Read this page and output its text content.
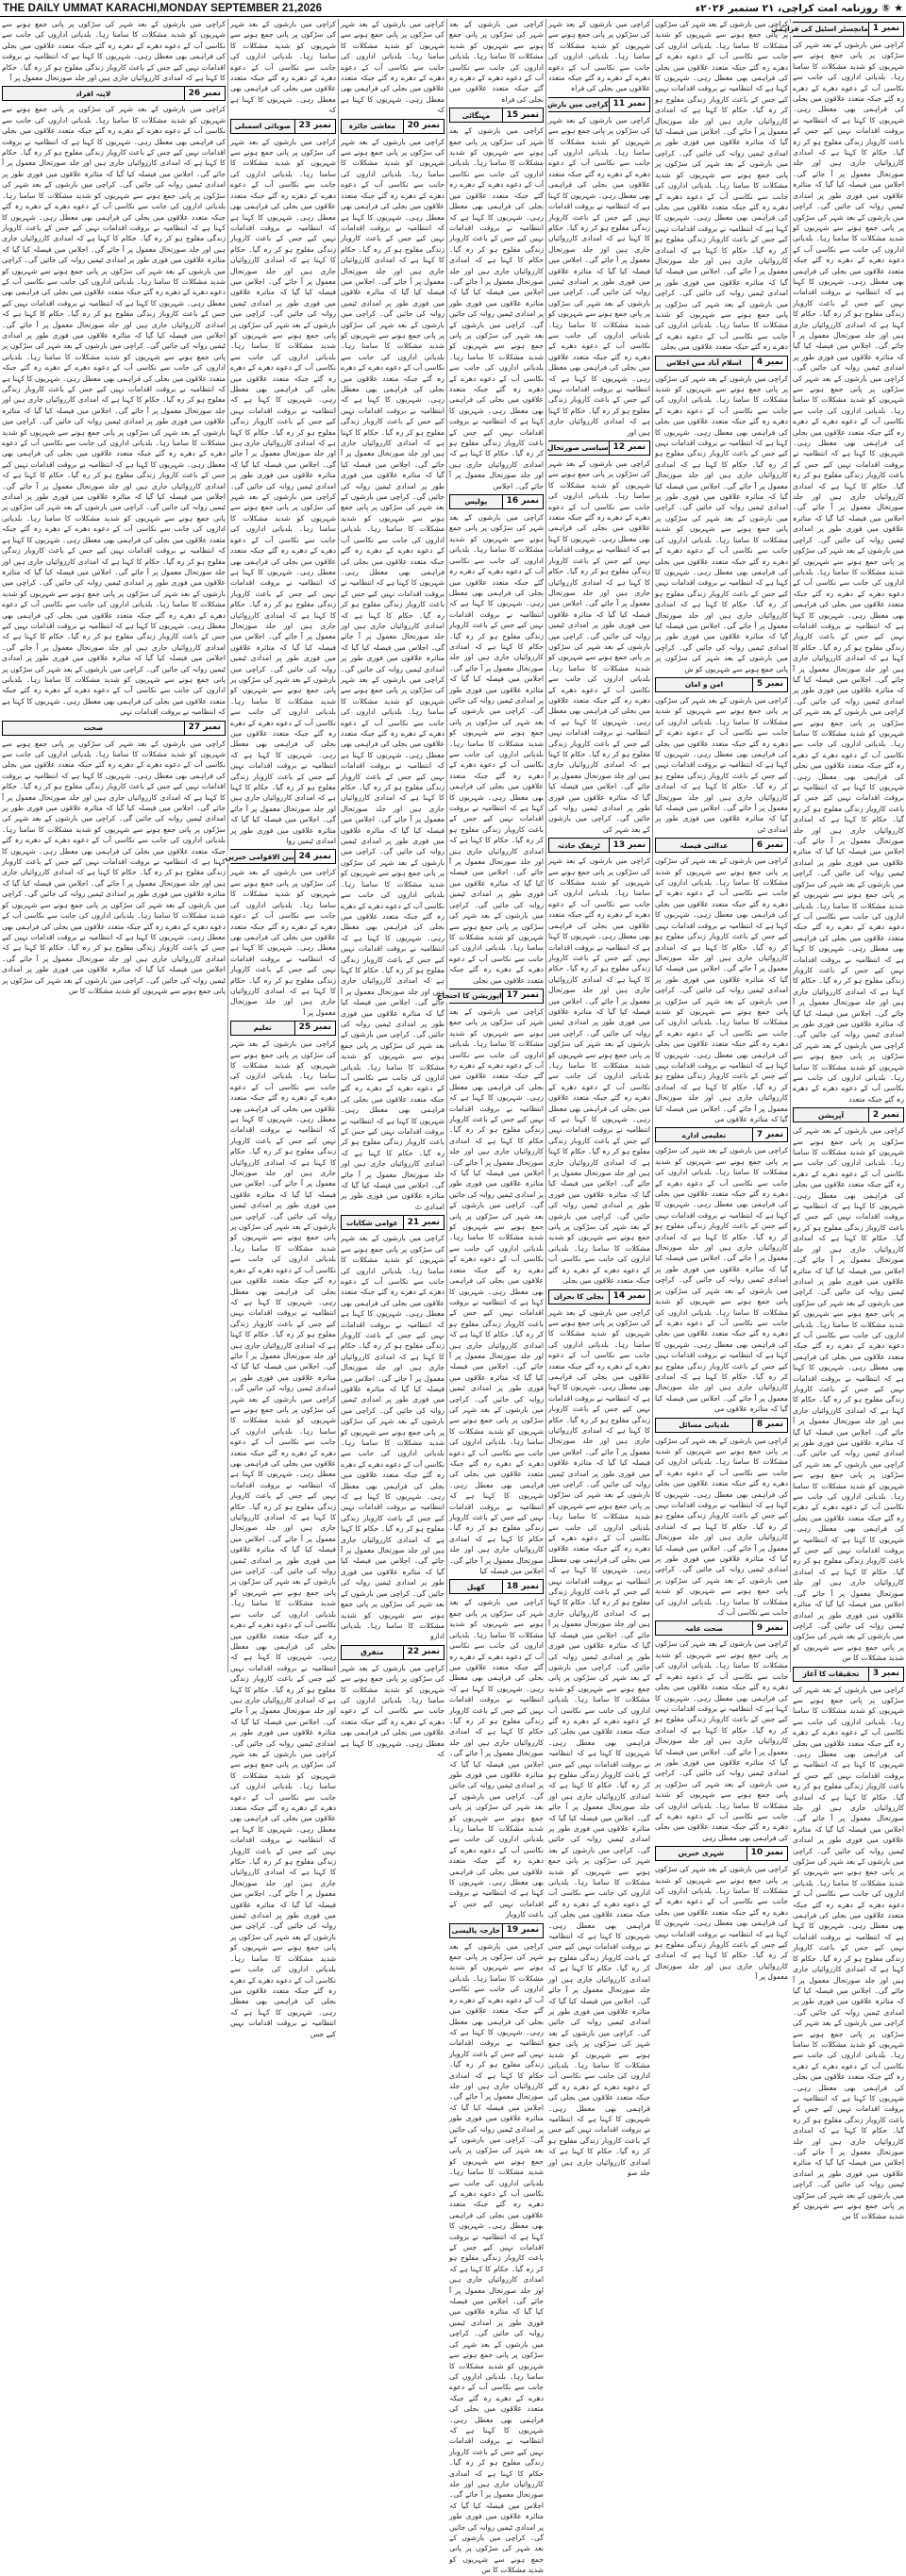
THE DAILY UMMAT KARACHI,MONDAY SEPTEMBER 21,2026	★
⑤
روزنامہ امت کراچی، ۲۱ ستمبر ۲۰۲۶ء
نمبر 1
مانچسٹر اسٹیل کی فراہمی
کراچی میں بارشوں کے بعد شہر کی سڑکوں پر پانی جمع ہونے سے شہریوں کو شدید مشکلات کا سامنا رہا۔ بلدیاتی اداروں کی جانب سے نکاسی آب کے دعوے دھرے کے دھرے رہ گئے جبکہ متعدد علاقوں میں بجلی کی فراہمی بھی معطل رہی۔ شہریوں کا کہنا ہے کہ انتظامیہ نے بروقت اقدامات نہیں کیے جس کے باعث کاروبار زندگی مفلوج ہو کر رہ گیا۔ حکام کا کہنا ہے کہ امدادی کارروائیاں جاری ہیں اور جلد صورتحال معمول پر آ جائے گی۔ اجلاس میں فیصلہ کیا گیا کہ متاثرہ علاقوں میں فوری طور پر امدادی ٹیمیں روانہ کی جائیں گی۔ کراچی میں بارشوں کے بعد شہر کی سڑکوں پر پانی جمع ہونے سے شہریوں کو شدید مشکلات کا سامنا رہا۔ بلدیاتی اداروں کی جانب سے نکاسی آب کے دعوے دھرے کے دھرے رہ گئے جبکہ متعدد علاقوں میں بجلی کی فراہمی بھی معطل رہی۔ شہریوں کا کہنا ہے کہ انتظامیہ نے بروقت اقدامات نہیں کیے جس کے باعث کاروبار زندگی مفلوج ہو کر رہ گیا۔ حکام کا کہنا ہے کہ امدادی کارروائیاں جاری ہیں اور جلد صورتحال معمول پر آ جائے گی۔ اجلاس میں فیصلہ کیا گیا کہ متاثرہ علاقوں میں فوری طور پر امدادی ٹیمیں روانہ کی جائیں گی۔ کراچی میں بارشوں کے بعد شہر کی سڑکوں پر پانی جمع ہونے سے شہریوں کو شدید مشکلات کا سامنا رہا۔ بلدیاتی اداروں کی جانب سے نکاسی آب کے دعوے دھرے کے دھرے رہ گئے جبکہ متعدد علاقوں میں بجلی کی فراہمی بھی معطل رہی۔ شہریوں کا کہنا ہے کہ انتظامیہ نے بروقت اقدامات نہیں کیے جس کے باعث کاروبار زندگی مفلوج ہو کر رہ گیا۔ حکام کا کہنا ہے کہ امدادی کارروائیاں جاری ہیں اور جلد صورتحال معمول پر آ جائے گی۔ اجلاس میں فیصلہ کیا گیا کہ متاثرہ علاقوں میں فوری طور پر امدادی ٹیمیں روانہ کی جائیں گی۔ کراچی میں بارشوں کے بعد شہر کی سڑکوں پر پانی جمع ہونے سے شہریوں کو شدید مشکلات کا سامنا رہا۔ بلدیاتی اداروں کی جانب سے نکاسی آب کے دعوے دھرے کے دھرے رہ گئے جبکہ متعدد علاقوں میں بجلی کی فراہمی بھی معطل رہی۔ شہریوں کا کہنا ہے کہ انتظامیہ نے بروقت اقدامات نہیں کیے جس کے باعث کاروبار زندگی مفلوج ہو کر رہ گیا۔ حکام کا کہنا ہے کہ امدادی کارروائیاں جاری ہیں اور جلد صورتحال معمول پر آ جائے گی۔ اجلاس میں فیصلہ کیا گیا کہ متاثرہ علاقوں میں فوری طور پر امدادی ٹیمیں روانہ کی جائیں گی۔ کراچی میں بارشوں کے بعد شہر کی سڑکوں پر پانی جمع ہونے سے شہریوں کو شدید مشکلات کا سامنا رہا۔ بلدیاتی اداروں کی جانب سے نکاسی آب کے دعوے دھرے کے دھرے رہ گئے جبکہ متعدد علاقوں میں بجلی کی فراہمی بھی معطل رہی۔ شہریوں کا کہنا ہے کہ انتظامیہ نے بروقت اقدامات نہیں کیے جس کے باعث کاروبار زندگی مفلوج ہو کر رہ گیا۔ حکام کا کہنا ہے کہ امدادی کارروائیاں جاری ہیں اور جلد صورتحال معمول پر آ جائے گی۔ اجلاس میں فیصلہ کیا گیا کہ متاثرہ علاقوں میں فوری طور پر امدادی ٹیمیں روانہ کی جائیں گی۔ کراچی میں بارشوں کے بعد شہر کی سڑکوں پر پانی جمع ہونے سے شہریوں کو شدید مشکلات کا سامنا رہا۔ بلدیاتی اداروں کی جانب سے نکاسی آب کے دعوے دھرے کے دھرے رہ گئے جبکہ متعدد علاقوں میں بجلی کی فراہمی بھی معطل رہی۔ شہریوں کا کہنا ہے کہ انتظامیہ نے بروقت اقدامات نہیں کیے جس کے باعث کاروبار زندگی مفلوج ہو کر رہ گیا۔ حکام کا کہنا ہے کہ امدادی کارروائیاں جاری ہیں اور جلد صورتحال معمول پر آ جائے گی۔ اجلاس میں فیصلہ کیا گیا کہ متاثرہ علاقوں میں فوری طور پر امدادی ٹیمیں روانہ کی جائیں گی۔ کراچی میں بارشوں کے بعد شہر کی سڑکوں پر پانی جمع ہونے سے شہریوں کو شدید مشکلات کا سامنا رہا۔ بلدیاتی اداروں کی جانب سے نکاسی آب کے دعوے دھرے کے دھرے رہ گئے جبکہ متعدد
نمبر 2
آپریشن
کراچی میں بارشوں کے بعد شہر کی سڑکوں پر پانی جمع ہونے سے شہریوں کو شدید مشکلات کا سامنا رہا۔ بلدیاتی اداروں کی جانب سے نکاسی آب کے دعوے دھرے کے دھرے رہ گئے جبکہ متعدد علاقوں میں بجلی کی فراہمی بھی معطل رہی۔ شہریوں کا کہنا ہے کہ انتظامیہ نے بروقت اقدامات نہیں کیے جس کے باعث کاروبار زندگی مفلوج ہو کر رہ گیا۔ حکام کا کہنا ہے کہ امدادی کارروائیاں جاری ہیں اور جلد صورتحال معمول پر آ جائے گی۔ اجلاس میں فیصلہ کیا گیا کہ متاثرہ علاقوں میں فوری طور پر امدادی ٹیمیں روانہ کی جائیں گی۔ کراچی میں بارشوں کے بعد شہر کی سڑکوں پر پانی جمع ہونے سے شہریوں کو شدید مشکلات کا سامنا رہا۔ بلدیاتی اداروں کی جانب سے نکاسی آب کے دعوے دھرے کے دھرے رہ گئے جبکہ متعدد علاقوں میں بجلی کی فراہمی بھی معطل رہی۔ شہریوں کا کہنا ہے کہ انتظامیہ نے بروقت اقدامات نہیں کیے جس کے باعث کاروبار زندگی مفلوج ہو کر رہ گیا۔ حکام کا کہنا ہے کہ امدادی کارروائیاں جاری ہیں اور جلد صورتحال معمول پر آ جائے گی۔ اجلاس میں فیصلہ کیا گیا کہ متاثرہ علاقوں میں فوری طور پر امدادی ٹیمیں روانہ کی جائیں گی۔ کراچی میں بارشوں کے بعد شہر کی سڑکوں پر پانی جمع ہونے سے شہریوں کو شدید مشکلات کا سامنا رہا۔ بلدیاتی اداروں کی جانب سے نکاسی آب کے دعوے دھرے کے دھرے رہ گئے جبکہ متعدد علاقوں میں بجلی کی فراہمی بھی معطل رہی۔ شہریوں کا کہنا ہے کہ انتظامیہ نے بروقت اقدامات نہیں کیے جس کے باعث کاروبار زندگی مفلوج ہو کر رہ گیا۔ حکام کا کہنا ہے کہ امدادی کارروائیاں جاری ہیں اور جلد صورتحال معمول پر آ جائے گی۔ اجلاس میں فیصلہ کیا گیا کہ متاثرہ علاقوں میں فوری طور پر امدادی ٹیمیں روانہ کی جائیں گی۔ کراچی میں بارشوں کے بعد شہر کی سڑکوں پر پانی جمع ہونے سے شہریوں کو شدید مشکلات کا س
نمبر 3
تحقیقات کا آغاز
کراچی میں بارشوں کے بعد شہر کی سڑکوں پر پانی جمع ہونے سے شہریوں کو شدید مشکلات کا سامنا رہا۔ بلدیاتی اداروں کی جانب سے نکاسی آب کے دعوے دھرے کے دھرے رہ گئے جبکہ متعدد علاقوں میں بجلی کی فراہمی بھی معطل رہی۔ شہریوں کا کہنا ہے کہ انتظامیہ نے بروقت اقدامات نہیں کیے جس کے باعث کاروبار زندگی مفلوج ہو کر رہ گیا۔ حکام کا کہنا ہے کہ امدادی کارروائیاں جاری ہیں اور جلد صورتحال معمول پر آ جائے گی۔ اجلاس میں فیصلہ کیا گیا کہ متاثرہ علاقوں میں فوری طور پر امدادی ٹیمیں روانہ کی جائیں گی۔ کراچی میں بارشوں کے بعد شہر کی سڑکوں پر پانی جمع ہونے سے شہریوں کو شدید مشکلات کا سامنا رہا۔ بلدیاتی اداروں کی جانب سے نکاسی آب کے دعوے دھرے کے دھرے رہ گئے جبکہ متعدد علاقوں میں بجلی کی فراہمی بھی معطل رہی۔ شہریوں کا کہنا ہے کہ انتظامیہ نے بروقت اقدامات نہیں کیے جس کے باعث کاروبار زندگی مفلوج ہو کر رہ گیا۔ حکام کا کہنا ہے کہ امدادی کارروائیاں جاری ہیں اور جلد صورتحال معمول پر آ جائے گی۔ اجلاس میں فیصلہ کیا گیا کہ متاثرہ علاقوں میں فوری طور پر امدادی ٹیمیں روانہ کی جائیں گی۔ کراچی میں بارشوں کے بعد شہر کی سڑکوں پر پانی جمع ہونے سے شہریوں کو شدید مشکلات کا سامنا رہا۔ بلدیاتی اداروں کی جانب سے نکاسی آب کے دعوے دھرے کے دھرے رہ گئے جبکہ متعدد علاقوں میں بجلی کی فراہمی بھی معطل رہی۔ شہریوں کا کہنا ہے کہ انتظامیہ نے بروقت اقدامات نہیں کیے جس کے باعث کاروبار زندگی مفلوج ہو کر رہ گیا۔ حکام کا کہنا ہے کہ امدادی کارروائیاں جاری ہیں اور جلد صورتحال معمول پر آ جائے گی۔ اجلاس میں فیصلہ کیا گیا کہ متاثرہ علاقوں میں فوری طور پر امدادی ٹیمیں روانہ کی جائیں گی۔ کراچی میں بارشوں کے بعد شہر کی سڑکوں پر پانی جمع ہونے سے شہریوں کو شدید مشکلات کا س
کراچی میں بارشوں کے بعد شہر کی سڑکوں پر پانی جمع ہونے سے شہریوں کو شدید مشکلات کا سامنا رہا۔ بلدیاتی اداروں کی جانب سے نکاسی آب کے دعوے دھرے کے دھرے رہ گئے جبکہ متعدد علاقوں میں بجلی کی فراہمی بھی معطل رہی۔ شہریوں کا کہنا ہے کہ انتظامیہ نے بروقت اقدامات نہیں کیے جس کے باعث کاروبار زندگی مفلوج ہو کر رہ گیا۔ حکام کا کہنا ہے کہ امدادی کارروائیاں جاری ہیں اور جلد صورتحال معمول پر آ جائے گی۔ اجلاس میں فیصلہ کیا گیا کہ متاثرہ علاقوں میں فوری طور پر امدادی ٹیمیں روانہ کی جائیں گی۔ کراچی میں بارشوں کے بعد شہر کی سڑکوں پر پانی جمع ہونے سے شہریوں کو شدید مشکلات کا سامنا رہا۔ بلدیاتی اداروں کی جانب سے نکاسی آب کے دعوے دھرے کے دھرے رہ گئے جبکہ متعدد علاقوں میں بجلی کی فراہمی بھی معطل رہی۔ شہریوں کا کہنا ہے کہ انتظامیہ نے بروقت اقدامات نہیں کیے جس کے باعث کاروبار زندگی مفلوج ہو کر رہ گیا۔ حکام کا کہنا ہے کہ امدادی کارروائیاں جاری ہیں اور جلد صورتحال معمول پر آ جائے گی۔ اجلاس میں فیصلہ کیا گیا کہ متاثرہ علاقوں میں فوری طور پر امدادی ٹیمیں روانہ کی جائیں گی۔ کراچی میں بارشوں کے بعد شہر کی سڑکوں پر پانی جمع ہونے سے شہریوں کو شدید مشکلات کا سامنا رہا۔ بلدیاتی اداروں کی جانب سے نکاسی آب کے دعوے دھرے کے دھرے رہ گئے جبکہ متعدد علاقوں میں بجلی
نمبر 4
اسلام آباد میں اجلاس
کراچی میں بارشوں کے بعد شہر کی سڑکوں پر پانی جمع ہونے سے شہریوں کو شدید مشکلات کا سامنا رہا۔ بلدیاتی اداروں کی جانب سے نکاسی آب کے دعوے دھرے کے دھرے رہ گئے جبکہ متعدد علاقوں میں بجلی کی فراہمی بھی معطل رہی۔ شہریوں کا کہنا ہے کہ انتظامیہ نے بروقت اقدامات نہیں کیے جس کے باعث کاروبار زندگی مفلوج ہو کر رہ گیا۔ حکام کا کہنا ہے کہ امدادی کارروائیاں جاری ہیں اور جلد صورتحال معمول پر آ جائے گی۔ اجلاس میں فیصلہ کیا گیا کہ متاثرہ علاقوں میں فوری طور پر امدادی ٹیمیں روانہ کی جائیں گی۔ کراچی میں بارشوں کے بعد شہر کی سڑکوں پر پانی جمع ہونے سے شہریوں کو شدید مشکلات کا سامنا رہا۔ بلدیاتی اداروں کی جانب سے نکاسی آب کے دعوے دھرے کے دھرے رہ گئے جبکہ متعدد علاقوں میں بجلی کی فراہمی بھی معطل رہی۔ شہریوں کا کہنا ہے کہ انتظامیہ نے بروقت اقدامات نہیں کیے جس کے باعث کاروبار زندگی مفلوج ہو کر رہ گیا۔ حکام کا کہنا ہے کہ امدادی کارروائیاں جاری ہیں اور جلد صورتحال معمول پر آ جائے گی۔ اجلاس میں فیصلہ کیا گیا کہ متاثرہ علاقوں میں فوری طور پر امدادی ٹیمیں روانہ کی جائیں گی۔ کراچی میں بارشوں کے بعد شہر کی سڑکوں پر پانی جمع ہونے سے شہریوں کو ش
نمبر 5
امن و امان
کراچی میں بارشوں کے بعد شہر کی سڑکوں پر پانی جمع ہونے سے شہریوں کو شدید مشکلات کا سامنا رہا۔ بلدیاتی اداروں کی جانب سے نکاسی آب کے دعوے دھرے کے دھرے رہ گئے جبکہ متعدد علاقوں میں بجلی کی فراہمی بھی معطل رہی۔ شہریوں کا کہنا ہے کہ انتظامیہ نے بروقت اقدامات نہیں کیے جس کے باعث کاروبار زندگی مفلوج ہو کر رہ گیا۔ حکام کا کہنا ہے کہ امدادی کارروائیاں جاری ہیں اور جلد صورتحال معمول پر آ جائے گی۔ اجلاس میں فیصلہ کیا گیا کہ متاثرہ علاقوں میں فوری طور پر امدادی ٹی
نمبر 6
عدالتی فیصلہ
کراچی میں بارشوں کے بعد شہر کی سڑکوں پر پانی جمع ہونے سے شہریوں کو شدید مشکلات کا سامنا رہا۔ بلدیاتی اداروں کی جانب سے نکاسی آب کے دعوے دھرے کے دھرے رہ گئے جبکہ متعدد علاقوں میں بجلی کی فراہمی بھی معطل رہی۔ شہریوں کا کہنا ہے کہ انتظامیہ نے بروقت اقدامات نہیں کیے جس کے باعث کاروبار زندگی مفلوج ہو کر رہ گیا۔ حکام کا کہنا ہے کہ امدادی کارروائیاں جاری ہیں اور جلد صورتحال معمول پر آ جائے گی۔ اجلاس میں فیصلہ کیا گیا کہ متاثرہ علاقوں میں فوری طور پر امدادی ٹیمیں روانہ کی جائیں گی۔ کراچی میں بارشوں کے بعد شہر کی سڑکوں پر پانی جمع ہونے سے شہریوں کو شدید مشکلات کا سامنا رہا۔ بلدیاتی اداروں کی جانب سے نکاسی آب کے دعوے دھرے کے دھرے رہ گئے جبکہ متعدد علاقوں میں بجلی کی فراہمی بھی معطل رہی۔ شہریوں کا کہنا ہے کہ انتظامیہ نے بروقت اقدامات نہیں کیے جس کے باعث کاروبار زندگی مفلوج ہو کر رہ گیا۔ حکام کا کہنا ہے کہ امدادی کارروائیاں جاری ہیں اور جلد صورتحال معمول پر آ جائے گی۔ اجلاس میں فیصلہ کیا گیا کہ متاثرہ علاقوں می
نمبر 7
تعلیمی ادارے
کراچی میں بارشوں کے بعد شہر کی سڑکوں پر پانی جمع ہونے سے شہریوں کو شدید مشکلات کا سامنا رہا۔ بلدیاتی اداروں کی جانب سے نکاسی آب کے دعوے دھرے کے دھرے رہ گئے جبکہ متعدد علاقوں میں بجلی کی فراہمی بھی معطل رہی۔ شہریوں کا کہنا ہے کہ انتظامیہ نے بروقت اقدامات نہیں کیے جس کے باعث کاروبار زندگی مفلوج ہو کر رہ گیا۔ حکام کا کہنا ہے کہ امدادی کارروائیاں جاری ہیں اور جلد صورتحال معمول پر آ جائے گی۔ اجلاس میں فیصلہ کیا گیا کہ متاثرہ علاقوں میں فوری طور پر امدادی ٹیمیں روانہ کی جائیں گی۔ کراچی میں بارشوں کے بعد شہر کی سڑکوں پر پانی جمع ہونے سے شہریوں کو شدید مشکلات کا سامنا رہا۔ بلدیاتی اداروں کی جانب سے نکاسی آب کے دعوے دھرے کے دھرے رہ گئے جبکہ متعدد علاقوں میں بجلی کی فراہمی بھی معطل رہی۔ شہریوں کا کہنا ہے کہ انتظامیہ نے بروقت اقدامات نہیں کیے جس کے باعث کاروبار زندگی مفلوج ہو کر رہ گیا۔ حکام کا کہنا ہے کہ امدادی کارروائیاں جاری ہیں اور جلد صورتحال معمول پر آ جائے گی۔ اجلاس میں فیصلہ کیا گیا کہ متاثرہ علاقوں می
نمبر 8
بلدیاتی مسائل
کراچی میں بارشوں کے بعد شہر کی سڑکوں پر پانی جمع ہونے سے شہریوں کو شدید مشکلات کا سامنا رہا۔ بلدیاتی اداروں کی جانب سے نکاسی آب کے دعوے دھرے کے دھرے رہ گئے جبکہ متعدد علاقوں میں بجلی کی فراہمی بھی معطل رہی۔ شہریوں کا کہنا ہے کہ انتظامیہ نے بروقت اقدامات نہیں کیے جس کے باعث کاروبار زندگی مفلوج ہو کر رہ گیا۔ حکام کا کہنا ہے کہ امدادی کارروائیاں جاری ہیں اور جلد صورتحال معمول پر آ جائے گی۔ اجلاس میں فیصلہ کیا گیا کہ متاثرہ علاقوں میں فوری طور پر امدادی ٹیمیں روانہ کی جائیں گی۔ کراچی میں بارشوں کے بعد شہر کی سڑکوں پر پانی جمع ہونے سے شہریوں کو شدید مشکلات کا سامنا رہا۔ بلدیاتی اداروں کی جانب سے نکاسی آب ک
نمبر 9
صحت عامہ
کراچی میں بارشوں کے بعد شہر کی سڑکوں پر پانی جمع ہونے سے شہریوں کو شدید مشکلات کا سامنا رہا۔ بلدیاتی اداروں کی جانب سے نکاسی آب کے دعوے دھرے کے دھرے رہ گئے جبکہ متعدد علاقوں میں بجلی کی فراہمی بھی معطل رہی۔ شہریوں کا کہنا ہے کہ انتظامیہ نے بروقت اقدامات نہیں کیے جس کے باعث کاروبار زندگی مفلوج ہو کر رہ گیا۔ حکام کا کہنا ہے کہ امدادی کارروائیاں جاری ہیں اور جلد صورتحال معمول پر آ جائے گی۔ اجلاس میں فیصلہ کیا گیا کہ متاثرہ علاقوں میں فوری طور پر امدادی ٹیمیں روانہ کی جائیں گی۔ کراچی میں بارشوں کے بعد شہر کی سڑکوں پر پانی جمع ہونے سے شہریوں کو شدید مشکلات کا سامنا رہا۔ بلدیاتی اداروں کی جانب سے نکاسی آب کے دعوے دھرے کے دھرے رہ گئے جبکہ متعدد علاقوں میں بجلی کی فراہمی بھی معطل رہی
نمبر 10
شہری خبریں
کراچی میں بارشوں کے بعد شہر کی سڑکوں پر پانی جمع ہونے سے شہریوں کو شدید مشکلات کا سامنا رہا۔ بلدیاتی اداروں کی جانب سے نکاسی آب کے دعوے دھرے کے دھرے رہ گئے جبکہ متعدد علاقوں میں بجلی کی فراہمی بھی معطل رہی۔ شہریوں کا کہنا ہے کہ انتظامیہ نے بروقت اقدامات نہیں کیے جس کے باعث کاروبار زندگی مفلوج ہو کر رہ گیا۔ حکام کا کہنا ہے کہ امدادی کارروائیاں جاری ہیں اور جلد صورتحال معمول پر آ
کراچی میں بارشوں کے بعد شہر کی سڑکوں پر پانی جمع ہونے سے شہریوں کو شدید مشکلات کا سامنا رہا۔ بلدیاتی اداروں کی جانب سے نکاسی آب کے دعوے دھرے کے دھرے رہ گئے جبکہ متعدد علاقوں میں بجلی کی فراہ
نمبر 11
کراچی میں بارش
کراچی میں بارشوں کے بعد شہر کی سڑکوں پر پانی جمع ہونے سے شہریوں کو شدید مشکلات کا سامنا رہا۔ بلدیاتی اداروں کی جانب سے نکاسی آب کے دعوے دھرے کے دھرے رہ گئے جبکہ متعدد علاقوں میں بجلی کی فراہمی بھی معطل رہی۔ شہریوں کا کہنا ہے کہ انتظامیہ نے بروقت اقدامات نہیں کیے جس کے باعث کاروبار زندگی مفلوج ہو کر رہ گیا۔ حکام کا کہنا ہے کہ امدادی کارروائیاں جاری ہیں اور جلد صورتحال معمول پر آ جائے گی۔ اجلاس میں فیصلہ کیا گیا کہ متاثرہ علاقوں میں فوری طور پر امدادی ٹیمیں روانہ کی جائیں گی۔ کراچی میں بارشوں کے بعد شہر کی سڑکوں پر پانی جمع ہونے سے شہریوں کو شدید مشکلات کا سامنا رہا۔ بلدیاتی اداروں کی جانب سے نکاسی آب کے دعوے دھرے کے دھرے رہ گئے جبکہ متعدد علاقوں میں بجلی کی فراہمی بھی معطل رہی۔ شہریوں کا کہنا ہے کہ انتظامیہ نے بروقت اقدامات نہیں کیے جس کے باعث کاروبار زندگی مفلوج ہو کر رہ گیا۔ حکام کا کہنا ہے کہ امدادی کارروائیاں جاری ہیں اور
نمبر 12
سیاسی صورتحال
کراچی میں بارشوں کے بعد شہر کی سڑکوں پر پانی جمع ہونے سے شہریوں کو شدید مشکلات کا سامنا رہا۔ بلدیاتی اداروں کی جانب سے نکاسی آب کے دعوے دھرے کے دھرے رہ گئے جبکہ متعدد علاقوں میں بجلی کی فراہمی بھی معطل رہی۔ شہریوں کا کہنا ہے کہ انتظامیہ نے بروقت اقدامات نہیں کیے جس کے باعث کاروبار زندگی مفلوج ہو کر رہ گیا۔ حکام کا کہنا ہے کہ امدادی کارروائیاں جاری ہیں اور جلد صورتحال معمول پر آ جائے گی۔ اجلاس میں فیصلہ کیا گیا کہ متاثرہ علاقوں میں فوری طور پر امدادی ٹیمیں روانہ کی جائیں گی۔ کراچی میں بارشوں کے بعد شہر کی سڑکوں پر پانی جمع ہونے سے شہریوں کو شدید مشکلات کا سامنا رہا۔ بلدیاتی اداروں کی جانب سے نکاسی آب کے دعوے دھرے کے دھرے رہ گئے جبکہ متعدد علاقوں میں بجلی کی فراہمی بھی معطل رہی۔ شہریوں کا کہنا ہے کہ انتظامیہ نے بروقت اقدامات نہیں کیے جس کے باعث کاروبار زندگی مفلوج ہو کر رہ گیا۔ حکام کا کہنا ہے کہ امدادی کارروائیاں جاری ہیں اور جلد صورتحال معمول پر آ جائے گی۔ اجلاس میں فیصلہ کیا گیا کہ متاثرہ علاقوں میں فوری طور پر امدادی ٹیمیں روانہ کی جائیں گی۔ کراچی میں بارشوں کے بعد شہر کی
نمبر 13
ٹریفک حادثہ
کراچی میں بارشوں کے بعد شہر کی سڑکوں پر پانی جمع ہونے سے شہریوں کو شدید مشکلات کا سامنا رہا۔ بلدیاتی اداروں کی جانب سے نکاسی آب کے دعوے دھرے کے دھرے رہ گئے جبکہ متعدد علاقوں میں بجلی کی فراہمی بھی معطل رہی۔ شہریوں کا کہنا ہے کہ انتظامیہ نے بروقت اقدامات نہیں کیے جس کے باعث کاروبار زندگی مفلوج ہو کر رہ گیا۔ حکام کا کہنا ہے کہ امدادی کارروائیاں جاری ہیں اور جلد صورتحال معمول پر آ جائے گی۔ اجلاس میں فیصلہ کیا گیا کہ متاثرہ علاقوں میں فوری طور پر امدادی ٹیمیں روانہ کی جائیں گی۔ کراچی میں بارشوں کے بعد شہر کی سڑکوں پر پانی جمع ہونے سے شہریوں کو شدید مشکلات کا سامنا رہا۔ بلدیاتی اداروں کی جانب سے نکاسی آب کے دعوے دھرے کے دھرے رہ گئے جبکہ متعدد علاقوں میں بجلی کی فراہمی بھی معطل رہی۔ شہریوں کا کہنا ہے کہ انتظامیہ نے بروقت اقدامات نہیں کیے جس کے باعث کاروبار زندگی مفلوج ہو کر رہ گیا۔ حکام کا کہنا ہے کہ امدادی کارروائیاں جاری ہیں اور جلد صورتحال معمول پر آ جائے گی۔ اجلاس میں فیصلہ کیا گیا کہ متاثرہ علاقوں میں فوری طور پر امدادی ٹیمیں روانہ کی جائیں گی۔ کراچی میں بارشوں کے بعد شہر کی سڑکوں پر پانی جمع ہونے سے شہریوں کو شدید مشکلات کا سامنا رہا۔ بلدیاتی اداروں کی جانب سے نکاسی آب کے دعوے دھرے کے دھرے رہ گئے جبکہ متعدد علاقوں میں بجلی
نمبر 14
بجلی کا بحران
کراچی میں بارشوں کے بعد شہر کی سڑکوں پر پانی جمع ہونے سے شہریوں کو شدید مشکلات کا سامنا رہا۔ بلدیاتی اداروں کی جانب سے نکاسی آب کے دعوے دھرے کے دھرے رہ گئے جبکہ متعدد علاقوں میں بجلی کی فراہمی بھی معطل رہی۔ شہریوں کا کہنا ہے کہ انتظامیہ نے بروقت اقدامات نہیں کیے جس کے باعث کاروبار زندگی مفلوج ہو کر رہ گیا۔ حکام کا کہنا ہے کہ امدادی کارروائیاں جاری ہیں اور جلد صورتحال معمول پر آ جائے گی۔ اجلاس میں فیصلہ کیا گیا کہ متاثرہ علاقوں میں فوری طور پر امدادی ٹیمیں روانہ کی جائیں گی۔ کراچی میں بارشوں کے بعد شہر کی سڑکوں پر پانی جمع ہونے سے شہریوں کو شدید مشکلات کا سامنا رہا۔ بلدیاتی اداروں کی جانب سے نکاسی آب کے دعوے دھرے کے دھرے رہ گئے جبکہ متعدد علاقوں میں بجلی کی فراہمی بھی معطل رہی۔ شہریوں کا کہنا ہے کہ انتظامیہ نے بروقت اقدامات نہیں کیے جس کے باعث کاروبار زندگی مفلوج ہو کر رہ گیا۔ حکام کا کہنا ہے کہ امدادی کارروائیاں جاری ہیں اور جلد صورتحال معمول پر آ جائے گی۔ اجلاس میں فیصلہ کیا گیا کہ متاثرہ علاقوں میں فوری طور پر امدادی ٹیمیں روانہ کی جائیں گی۔ کراچی میں بارشوں کے بعد شہر کی سڑکوں پر پانی جمع ہونے سے شہریوں کو شدید مشکلات کا سامنا رہا۔ بلدیاتی اداروں کی جانب سے نکاسی آب کے دعوے دھرے کے دھرے رہ گئے جبکہ متعدد علاقوں میں بجلی کی فراہمی بھی معطل رہی۔ شہریوں کا کہنا ہے کہ انتظامیہ نے بروقت اقدامات نہیں کیے جس کے باعث کاروبار زندگی مفلوج ہو کر رہ گیا۔ حکام کا کہنا ہے کہ امدادی کارروائیاں جاری ہیں اور جلد صورتحال معمول پر آ جائے گی۔ اجلاس میں فیصلہ کیا گیا کہ متاثرہ علاقوں میں فوری طور پر امدادی ٹیمیں روانہ کی جائیں گی۔ کراچی میں بارشوں کے بعد شہر کی سڑکوں پر پانی جمع ہونے سے شہریوں کو شدید مشکلات کا سامنا رہا۔ بلدیاتی اداروں کی جانب سے نکاسی آب کے دعوے دھرے کے دھرے رہ گئے جبکہ متعدد علاقوں میں بجلی کی فراہمی بھی معطل رہی۔ شہریوں کا کہنا ہے کہ انتظامیہ نے بروقت اقدامات نہیں کیے جس کے باعث کاروبار زندگی مفلوج ہو کر رہ گیا۔ حکام کا کہنا ہے کہ امدادی کارروائیاں جاری ہیں اور جلد صورتحال معمول پر آ جائے گی۔ اجلاس میں فیصلہ کیا گیا کہ متاثرہ علاقوں میں فوری طور پر امدادی ٹیمیں روانہ کی جائیں گی۔ کراچی میں بارشوں کے بعد شہر کی سڑکوں پر پانی جمع ہونے سے شہریوں کو شدید مشکلات کا سامنا رہا۔ بلدیاتی اداروں کی جانب سے نکاسی آب کے دعوے دھرے کے دھرے رہ گئے جبکہ متعدد علاقوں میں بجلی کی فراہمی بھی معطل رہی۔ شہریوں کا کہنا ہے کہ انتظامیہ نے بروقت اقدامات نہیں کیے جس کے باعث کاروبار زندگی مفلوج ہو کر رہ گیا۔ حکام کا کہنا ہے کہ امدادی کارروائیاں جاری ہیں اور جلد صو
کراچی میں بارشوں کے بعد شہر کی سڑکوں پر پانی جمع ہونے سے شہریوں کو شدید مشکلات کا سامنا رہا۔ بلدیاتی اداروں کی جانب سے نکاسی آب کے دعوے دھرے کے دھرے رہ گئے جبکہ متعدد علاقوں میں بجلی کی فراہ
نمبر 15
مہنگائی
کراچی میں بارشوں کے بعد شہر کی سڑکوں پر پانی جمع ہونے سے شہریوں کو شدید مشکلات کا سامنا رہا۔ بلدیاتی اداروں کی جانب سے نکاسی آب کے دعوے دھرے کے دھرے رہ گئے جبکہ متعدد علاقوں میں بجلی کی فراہمی بھی معطل رہی۔ شہریوں کا کہنا ہے کہ انتظامیہ نے بروقت اقدامات نہیں کیے جس کے باعث کاروبار زندگی مفلوج ہو کر رہ گیا۔ حکام کا کہنا ہے کہ امدادی کارروائیاں جاری ہیں اور جلد صورتحال معمول پر آ جائے گی۔ اجلاس میں فیصلہ کیا گیا کہ متاثرہ علاقوں میں فوری طور پر امدادی ٹیمیں روانہ کی جائیں گی۔ کراچی میں بارشوں کے بعد شہر کی سڑکوں پر پانی جمع ہونے سے شہریوں کو شدید مشکلات کا سامنا رہا۔ بلدیاتی اداروں کی جانب سے نکاسی آب کے دعوے دھرے کے دھرے رہ گئے جبکہ متعدد علاقوں میں بجلی کی فراہمی بھی معطل رہی۔ شہریوں کا کہنا ہے کہ انتظامیہ نے بروقت اقدامات نہیں کیے جس کے باعث کاروبار زندگی مفلوج ہو کر رہ گیا۔ حکام کا کہنا ہے کہ امدادی کارروائیاں جاری ہیں اور جلد صورتحال معمول پر آ جائے گی۔ اجلاس
نمبر 16
پولیس
کراچی میں بارشوں کے بعد شہر کی سڑکوں پر پانی جمع ہونے سے شہریوں کو شدید مشکلات کا سامنا رہا۔ بلدیاتی اداروں کی جانب سے نکاسی آب کے دعوے دھرے کے دھرے رہ گئے جبکہ متعدد علاقوں میں بجلی کی فراہمی بھی معطل رہی۔ شہریوں کا کہنا ہے کہ انتظامیہ نے بروقت اقدامات نہیں کیے جس کے باعث کاروبار زندگی مفلوج ہو کر رہ گیا۔ حکام کا کہنا ہے کہ امدادی کارروائیاں جاری ہیں اور جلد صورتحال معمول پر آ جائے گی۔ اجلاس میں فیصلہ کیا گیا کہ متاثرہ علاقوں میں فوری طور پر امدادی ٹیمیں روانہ کی جائیں گی۔ کراچی میں بارشوں کے بعد شہر کی سڑکوں پر پانی جمع ہونے سے شہریوں کو شدید مشکلات کا سامنا رہا۔ بلدیاتی اداروں کی جانب سے نکاسی آب کے دعوے دھرے کے دھرے رہ گئے جبکہ متعدد علاقوں میں بجلی کی فراہمی بھی معطل رہی۔ شہریوں کا کہنا ہے کہ انتظامیہ نے بروقت اقدامات نہیں کیے جس کے باعث کاروبار زندگی مفلوج ہو کر رہ گیا۔ حکام کا کہنا ہے کہ امدادی کارروائیاں جاری ہیں اور جلد صورتحال معمول پر آ جائے گی۔ اجلاس میں فیصلہ کیا گیا کہ متاثرہ علاقوں میں فوری طور پر امدادی ٹیمیں روانہ کی جائیں گی۔ کراچی میں بارشوں کے بعد شہر کی سڑکوں پر پانی جمع ہونے سے شہریوں کو شدید مشکلات کا سامنا رہا۔ بلدیاتی اداروں کی جانب سے نکاسی آب کے دعوے دھرے کے دھرے رہ گئے جبکہ متعدد علاقوں میں بجلی
نمبر 17
اپوزیشن کا احتجاج
کراچی میں بارشوں کے بعد شہر کی سڑکوں پر پانی جمع ہونے سے شہریوں کو شدید مشکلات کا سامنا رہا۔ بلدیاتی اداروں کی جانب سے نکاسی آب کے دعوے دھرے کے دھرے رہ گئے جبکہ متعدد علاقوں میں بجلی کی فراہمی بھی معطل رہی۔ شہریوں کا کہنا ہے کہ انتظامیہ نے بروقت اقدامات نہیں کیے جس کے باعث کاروبار زندگی مفلوج ہو کر رہ گیا۔ حکام کا کہنا ہے کہ امدادی کارروائیاں جاری ہیں اور جلد صورتحال معمول پر آ جائے گی۔ اجلاس میں فیصلہ کیا گیا کہ متاثرہ علاقوں میں فوری طور پر امدادی ٹیمیں روانہ کی جائیں گی۔ کراچی میں بارشوں کے بعد شہر کی سڑکوں پر پانی جمع ہونے سے شہریوں کو شدید مشکلات کا سامنا رہا۔ بلدیاتی اداروں کی جانب سے نکاسی آب کے دعوے دھرے کے دھرے رہ گئے جبکہ متعدد علاقوں میں بجلی کی فراہمی بھی معطل رہی۔ شہریوں کا کہنا ہے کہ انتظامیہ نے بروقت اقدامات نہیں کیے جس کے باعث کاروبار زندگی مفلوج ہو کر رہ گیا۔ حکام کا کہنا ہے کہ امدادی کارروائیاں جاری ہیں اور جلد صورتحال معمول پر آ جائے گی۔ اجلاس میں فیصلہ کیا گیا کہ متاثرہ علاقوں میں فوری طور پر امدادی ٹیمیں روانہ کی جائیں گی۔ کراچی میں بارشوں کے بعد شہر کی سڑکوں پر پانی جمع ہونے سے شہریوں کو شدید مشکلات کا سامنا رہا۔ بلدیاتی اداروں کی جانب سے نکاسی آب کے دعوے دھرے کے دھرے رہ گئے جبکہ متعدد علاقوں میں بجلی کی فراہمی بھی معطل رہی۔ شہریوں کا کہنا ہے کہ انتظامیہ نے بروقت اقدامات نہیں کیے جس کے باعث کاروبار زندگی مفلوج ہو کر رہ گیا۔ حکام کا کہنا ہے کہ امدادی کارروائیاں جاری ہیں اور جلد صورتحال معمول پر آ جائے گی۔ اجلاس میں فیصلہ کیا
نمبر 18
کھیل
کراچی میں بارشوں کے بعد شہر کی سڑکوں پر پانی جمع ہونے سے شہریوں کو شدید مشکلات کا سامنا رہا۔ بلدیاتی اداروں کی جانب سے نکاسی آب کے دعوے دھرے کے دھرے رہ گئے جبکہ متعدد علاقوں میں بجلی کی فراہمی بھی معطل رہی۔ شہریوں کا کہنا ہے کہ انتظامیہ نے بروقت اقدامات نہیں کیے جس کے باعث کاروبار زندگی مفلوج ہو کر رہ گیا۔ حکام کا کہنا ہے کہ امدادی کارروائیاں جاری ہیں اور جلد صورتحال معمول پر آ جائے گی۔ اجلاس میں فیصلہ کیا گیا کہ متاثرہ علاقوں میں فوری طور پر امدادی ٹیمیں روانہ کی جائیں گی۔ کراچی میں بارشوں کے بعد شہر کی سڑکوں پر پانی جمع ہونے سے شہریوں کو شدید مشکلات کا سامنا رہا۔ بلدیاتی اداروں کی جانب سے نکاسی آب کے دعوے دھرے کے دھرے رہ گئے جبکہ متعدد علاقوں میں بجلی کی فراہمی بھی معطل رہی۔ شہریوں کا کہنا ہے کہ انتظامیہ نے بروقت اقدامات نہیں کیے جس کے باعث کاروبار
نمبر 19
خارجہ پالیسی
کراچی میں بارشوں کے بعد شہر کی سڑکوں پر پانی جمع ہونے سے شہریوں کو شدید مشکلات کا سامنا رہا۔ بلدیاتی اداروں کی جانب سے نکاسی آب کے دعوے دھرے کے دھرے رہ گئے جبکہ متعدد علاقوں میں بجلی کی فراہمی بھی معطل رہی۔ شہریوں کا کہنا ہے کہ انتظامیہ نے بروقت اقدامات نہیں کیے جس کے باعث کاروبار زندگی مفلوج ہو کر رہ گیا۔ حکام کا کہنا ہے کہ امدادی کارروائیاں جاری ہیں اور جلد صورتحال معمول پر آ جائے گی۔ اجلاس میں فیصلہ کیا گیا کہ متاثرہ علاقوں میں فوری طور پر امدادی ٹیمیں روانہ کی جائیں گی۔ کراچی میں بارشوں کے بعد شہر کی سڑکوں پر پانی جمع ہونے سے شہریوں کو شدید مشکلات کا سامنا رہا۔ بلدیاتی اداروں کی جانب سے نکاسی آب کے دعوے دھرے کے دھرے رہ گئے جبکہ متعدد علاقوں میں بجلی کی فراہمی بھی معطل رہی۔ شہریوں کا کہنا ہے کہ انتظامیہ نے بروقت اقدامات نہیں کیے جس کے باعث کاروبار زندگی مفلوج ہو کر رہ گیا۔ حکام کا کہنا ہے کہ امدادی کارروائیاں جاری ہیں اور جلد صورتحال معمول پر آ جائے گی۔ اجلاس میں فیصلہ کیا گیا کہ متاثرہ علاقوں میں فوری طور پر امدادی ٹیمیں روانہ کی جائیں گی۔ کراچی میں بارشوں کے بعد شہر کی سڑکوں پر پانی جمع ہونے سے شہریوں کو شدید مشکلات کا سامنا رہا۔ بلدیاتی اداروں کی جانب سے نکاسی آب کے دعوے دھرے کے دھرے رہ گئے جبکہ متعدد علاقوں میں بجلی کی فراہمی بھی معطل رہی۔ شہریوں کا کہنا ہے کہ انتظامیہ نے بروقت اقدامات نہیں کیے جس کے باعث کاروبار زندگی مفلوج ہو کر رہ گیا۔ حکام کا کہنا ہے کہ امدادی کارروائیاں جاری ہیں اور جلد صورتحال معمول پر آ جائے گی۔ اجلاس میں فیصلہ کیا گیا کہ متاثرہ علاقوں میں فوری طور پر امدادی ٹیمیں روانہ کی جائیں گی۔ کراچی میں بارشوں کے بعد شہر کی سڑکوں پر پانی جمع ہونے سے شہریوں کو شدید مشکلات کا س
کراچی میں بارشوں کے بعد شہر کی سڑکوں پر پانی جمع ہونے سے شہریوں کو شدید مشکلات کا سامنا رہا۔ بلدیاتی اداروں کی جانب سے نکاسی آب کے دعوے دھرے کے دھرے رہ گئے جبکہ متعدد علاقوں میں بجلی کی فراہمی بھی معطل رہی۔ شہریوں کا کہنا ہے کہ
نمبر 20
معاشی جائزہ
کراچی میں بارشوں کے بعد شہر کی سڑکوں پر پانی جمع ہونے سے شہریوں کو شدید مشکلات کا سامنا رہا۔ بلدیاتی اداروں کی جانب سے نکاسی آب کے دعوے دھرے کے دھرے رہ گئے جبکہ متعدد علاقوں میں بجلی کی فراہمی بھی معطل رہی۔ شہریوں کا کہنا ہے کہ انتظامیہ نے بروقت اقدامات نہیں کیے جس کے باعث کاروبار زندگی مفلوج ہو کر رہ گیا۔ حکام کا کہنا ہے کہ امدادی کارروائیاں جاری ہیں اور جلد صورتحال معمول پر آ جائے گی۔ اجلاس میں فیصلہ کیا گیا کہ متاثرہ علاقوں میں فوری طور پر امدادی ٹیمیں روانہ کی جائیں گی۔ کراچی میں بارشوں کے بعد شہر کی سڑکوں پر پانی جمع ہونے سے شہریوں کو شدید مشکلات کا سامنا رہا۔ بلدیاتی اداروں کی جانب سے نکاسی آب کے دعوے دھرے کے دھرے رہ گئے جبکہ متعدد علاقوں میں بجلی کی فراہمی بھی معطل رہی۔ شہریوں کا کہنا ہے کہ انتظامیہ نے بروقت اقدامات نہیں کیے جس کے باعث کاروبار زندگی مفلوج ہو کر رہ گیا۔ حکام کا کہنا ہے کہ امدادی کارروائیاں جاری ہیں اور جلد صورتحال معمول پر آ جائے گی۔ اجلاس میں فیصلہ کیا گیا کہ متاثرہ علاقوں میں فوری طور پر امدادی ٹیمیں روانہ کی جائیں گی۔ کراچی میں بارشوں کے بعد شہر کی سڑکوں پر پانی جمع ہونے سے شہریوں کو شدید مشکلات کا سامنا رہا۔ بلدیاتی اداروں کی جانب سے نکاسی آب کے دعوے دھرے کے دھرے رہ گئے جبکہ متعدد علاقوں میں بجلی کی فراہمی بھی معطل رہی۔ شہریوں کا کہنا ہے کہ انتظامیہ نے بروقت اقدامات نہیں کیے جس کے باعث کاروبار زندگی مفلوج ہو کر رہ گیا۔ حکام کا کہنا ہے کہ امدادی کارروائیاں جاری ہیں اور جلد صورتحال معمول پر آ جائے گی۔ اجلاس میں فیصلہ کیا گیا کہ متاثرہ علاقوں میں فوری طور پر امدادی ٹیمیں روانہ کی جائیں گی۔ کراچی میں بارشوں کے بعد شہر کی سڑکوں پر پانی جمع ہونے سے شہریوں کو شدید مشکلات کا سامنا رہا۔ بلدیاتی اداروں کی جانب سے نکاسی آب کے دعوے دھرے کے دھرے رہ گئے جبکہ متعدد علاقوں میں بجلی کی فراہمی بھی معطل رہی۔ شہریوں کا کہنا ہے کہ انتظامیہ نے بروقت اقدامات نہیں کیے جس کے باعث کاروبار زندگی مفلوج ہو کر رہ گیا۔ حکام کا کہنا ہے کہ امدادی کارروائیاں جاری ہیں اور جلد صورتحال معمول پر آ جائے گی۔ اجلاس میں فیصلہ کیا گیا کہ متاثرہ علاقوں میں فوری طور پر امدادی ٹیمیں روانہ کی جائیں گی۔ کراچی میں بارشوں کے بعد شہر کی سڑکوں پر پانی جمع ہونے سے شہریوں کو شدید مشکلات کا سامنا رہا۔ بلدیاتی اداروں کی جانب سے نکاسی آب کے دعوے دھرے کے دھرے رہ گئے جبکہ متعدد علاقوں میں بجلی کی فراہمی بھی معطل رہی۔ شہریوں کا کہنا ہے کہ انتظامیہ نے بروقت اقدامات نہیں کیے جس کے باعث کاروبار زندگی مفلوج ہو کر رہ گیا۔ حکام کا کہنا ہے کہ امدادی کارروائیاں جاری ہیں اور جلد صورتحال معمول پر آ جائے گی۔ اجلاس میں فیصلہ کیا گیا کہ متاثرہ علاقوں میں فوری طور پر امدادی ٹیمیں روانہ کی جائیں گی۔ کراچی میں بارشوں کے بعد شہر کی سڑکوں پر پانی جمع ہونے سے شہریوں کو شدید مشکلات کا سامنا رہا۔ بلدیاتی اداروں کی جانب سے نکاسی آب کے دعوے دھرے کے دھرے رہ گئے جبکہ متعدد علاقوں میں بجلی کی فراہمی بھی معطل رہی۔ شہریوں کا کہنا ہے کہ انتظامیہ نے بروقت اقدامات نہیں کیے جس کے باعث کاروبار زندگی مفلوج ہو کر رہ گیا۔ حکام کا کہنا ہے کہ امدادی کارروائیاں جاری ہیں اور جلد صورتحال معمول پر آ جائے گی۔ اجلاس میں فیصلہ کیا گیا کہ متاثرہ علاقوں میں فوری طور پر امدادی ٹ
نمبر 21
عوامی شکایات
کراچی میں بارشوں کے بعد شہر کی سڑکوں پر پانی جمع ہونے سے شہریوں کو شدید مشکلات کا سامنا رہا۔ بلدیاتی اداروں کی جانب سے نکاسی آب کے دعوے دھرے کے دھرے رہ گئے جبکہ متعدد علاقوں میں بجلی کی فراہمی بھی معطل رہی۔ شہریوں کا کہنا ہے کہ انتظامیہ نے بروقت اقدامات نہیں کیے جس کے باعث کاروبار زندگی مفلوج ہو کر رہ گیا۔ حکام کا کہنا ہے کہ امدادی کارروائیاں جاری ہیں اور جلد صورتحال معمول پر آ جائے گی۔ اجلاس میں فیصلہ کیا گیا کہ متاثرہ علاقوں میں فوری طور پر امدادی ٹیمیں روانہ کی جائیں گی۔ کراچی میں بارشوں کے بعد شہر کی سڑکوں پر پانی جمع ہونے سے شہریوں کو شدید مشکلات کا سامنا رہا۔ بلدیاتی اداروں کی جانب سے نکاسی آب کے دعوے دھرے کے دھرے رہ گئے جبکہ متعدد علاقوں میں بجلی کی فراہمی بھی معطل رہی۔ شہریوں کا کہنا ہے کہ انتظامیہ نے بروقت اقدامات نہیں کیے جس کے باعث کاروبار زندگی مفلوج ہو کر رہ گیا۔ حکام کا کہنا ہے کہ امدادی کارروائیاں جاری ہیں اور جلد صورتحال معمول پر آ جائے گی۔ اجلاس میں فیصلہ کیا گیا کہ متاثرہ علاقوں میں فوری طور پر امدادی ٹیمیں روانہ کی جائیں گی۔ کراچی میں بارشوں کے بعد شہر کی سڑکوں پر پانی جمع ہونے سے شہریوں کو شدید مشکلات کا سامنا رہا۔ بلدیاتی ادارو
نمبر 22
متفرق
کراچی میں بارشوں کے بعد شہر کی سڑکوں پر پانی جمع ہونے سے شہریوں کو شدید مشکلات کا سامنا رہا۔ بلدیاتی اداروں کی جانب سے نکاسی آب کے دعوے دھرے کے دھرے رہ گئے جبکہ متعدد علاقوں میں بجلی کی فراہمی بھی معطل رہی۔ شہریوں کا کہنا ہے کہ
کراچی میں بارشوں کے بعد شہر کی سڑکوں پر پانی جمع ہونے سے شہریوں کو شدید مشکلات کا سامنا رہا۔ بلدیاتی اداروں کی جانب سے نکاسی آب کے دعوے دھرے کے دھرے رہ گئے جبکہ متعدد علاقوں میں بجلی کی فراہمی بھی معطل رہی۔ شہریوں کا کہنا ہے کہ
نمبر 23
صوبائی اسمبلی
کراچی میں بارشوں کے بعد شہر کی سڑکوں پر پانی جمع ہونے سے شہریوں کو شدید مشکلات کا سامنا رہا۔ بلدیاتی اداروں کی جانب سے نکاسی آب کے دعوے دھرے کے دھرے رہ گئے جبکہ متعدد علاقوں میں بجلی کی فراہمی بھی معطل رہی۔ شہریوں کا کہنا ہے کہ انتظامیہ نے بروقت اقدامات نہیں کیے جس کے باعث کاروبار زندگی مفلوج ہو کر رہ گیا۔ حکام کا کہنا ہے کہ امدادی کارروائیاں جاری ہیں اور جلد صورتحال معمول پر آ جائے گی۔ اجلاس میں فیصلہ کیا گیا کہ متاثرہ علاقوں میں فوری طور پر امدادی ٹیمیں روانہ کی جائیں گی۔ کراچی میں بارشوں کے بعد شہر کی سڑکوں پر پانی جمع ہونے سے شہریوں کو شدید مشکلات کا سامنا رہا۔ بلدیاتی اداروں کی جانب سے نکاسی آب کے دعوے دھرے کے دھرے رہ گئے جبکہ متعدد علاقوں میں بجلی کی فراہمی بھی معطل رہی۔ شہریوں کا کہنا ہے کہ انتظامیہ نے بروقت اقدامات نہیں کیے جس کے باعث کاروبار زندگی مفلوج ہو کر رہ گیا۔ حکام کا کہنا ہے کہ امدادی کارروائیاں جاری ہیں اور جلد صورتحال معمول پر آ جائے گی۔ اجلاس میں فیصلہ کیا گیا کہ متاثرہ علاقوں میں فوری طور پر امدادی ٹیمیں روانہ کی جائیں گی۔ کراچی میں بارشوں کے بعد شہر کی سڑکوں پر پانی جمع ہونے سے شہریوں کو شدید مشکلات کا سامنا رہا۔ بلدیاتی اداروں کی جانب سے نکاسی آب کے دعوے دھرے کے دھرے رہ گئے جبکہ متعدد علاقوں میں بجلی کی فراہمی بھی معطل رہی۔ شہریوں کا کہنا ہے کہ انتظامیہ نے بروقت اقدامات نہیں کیے جس کے باعث کاروبار زندگی مفلوج ہو کر رہ گیا۔ حکام کا کہنا ہے کہ امدادی کارروائیاں جاری ہیں اور جلد صورتحال معمول پر آ جائے گی۔ اجلاس میں فیصلہ کیا گیا کہ متاثرہ علاقوں میں فوری طور پر امدادی ٹیمیں روانہ کی جائیں گی۔ کراچی میں بارشوں کے بعد شہر کی سڑکوں پر پانی جمع ہونے سے شہریوں کو شدید مشکلات کا سامنا رہا۔ بلدیاتی اداروں کی جانب سے نکاسی آب کے دعوے دھرے کے دھرے رہ گئے جبکہ متعدد علاقوں میں بجلی کی فراہمی بھی معطل رہی۔ شہریوں کا کہنا ہے کہ انتظامیہ نے بروقت اقدامات نہیں کیے جس کے باعث کاروبار زندگی مفلوج ہو کر رہ گیا۔ حکام کا کہنا ہے کہ امدادی کارروائیاں جاری ہیں اور جلد صورتحال معمول پر آ جائے گی۔ اجلاس میں فیصلہ کیا گیا کہ متاثرہ علاقوں میں فوری طور پر امدادی ٹیمیں روا
نمبر 24
بین الاقوامی خبریں
کراچی میں بارشوں کے بعد شہر کی سڑکوں پر پانی جمع ہونے سے شہریوں کو شدید مشکلات کا سامنا رہا۔ بلدیاتی اداروں کی جانب سے نکاسی آب کے دعوے دھرے کے دھرے رہ گئے جبکہ متعدد علاقوں میں بجلی کی فراہمی بھی معطل رہی۔ شہریوں کا کہنا ہے کہ انتظامیہ نے بروقت اقدامات نہیں کیے جس کے باعث کاروبار زندگی مفلوج ہو کر رہ گیا۔ حکام کا کہنا ہے کہ امدادی کارروائیاں جاری ہیں اور جلد صورتحال معمول پر آ
نمبر 25
تعلیم
کراچی میں بارشوں کے بعد شہر کی سڑکوں پر پانی جمع ہونے سے شہریوں کو شدید مشکلات کا سامنا رہا۔ بلدیاتی اداروں کی جانب سے نکاسی آب کے دعوے دھرے کے دھرے رہ گئے جبکہ متعدد علاقوں میں بجلی کی فراہمی بھی معطل رہی۔ شہریوں کا کہنا ہے کہ انتظامیہ نے بروقت اقدامات نہیں کیے جس کے باعث کاروبار زندگی مفلوج ہو کر رہ گیا۔ حکام کا کہنا ہے کہ امدادی کارروائیاں جاری ہیں اور جلد صورتحال معمول پر آ جائے گی۔ اجلاس میں فیصلہ کیا گیا کہ متاثرہ علاقوں میں فوری طور پر امدادی ٹیمیں روانہ کی جائیں گی۔ کراچی میں بارشوں کے بعد شہر کی سڑکوں پر پانی جمع ہونے سے شہریوں کو شدید مشکلات کا سامنا رہا۔ بلدیاتی اداروں کی جانب سے نکاسی آب کے دعوے دھرے کے دھرے رہ گئے جبکہ متعدد علاقوں میں بجلی کی فراہمی بھی معطل رہی۔ شہریوں کا کہنا ہے کہ انتظامیہ نے بروقت اقدامات نہیں کیے جس کے باعث کاروبار زندگی مفلوج ہو کر رہ گیا۔ حکام کا کہنا ہے کہ امدادی کارروائیاں جاری ہیں اور جلد صورتحال معمول پر آ جائے گی۔ اجلاس میں فیصلہ کیا گیا کہ متاثرہ علاقوں میں فوری طور پر امدادی ٹیمیں روانہ کی جائیں گی۔ کراچی میں بارشوں کے بعد شہر کی سڑکوں پر پانی جمع ہونے سے شہریوں کو شدید مشکلات کا سامنا رہا۔ بلدیاتی اداروں کی جانب سے نکاسی آب کے دعوے دھرے کے دھرے رہ گئے جبکہ متعدد علاقوں میں بجلی کی فراہمی بھی معطل رہی۔ شہریوں کا کہنا ہے کہ انتظامیہ نے بروقت اقدامات نہیں کیے جس کے باعث کاروبار زندگی مفلوج ہو کر رہ گیا۔ حکام کا کہنا ہے کہ امدادی کارروائیاں جاری ہیں اور جلد صورتحال معمول پر آ جائے گی۔ اجلاس میں فیصلہ کیا گیا کہ متاثرہ علاقوں میں فوری طور پر امدادی ٹیمیں روانہ کی جائیں گی۔ کراچی میں بارشوں کے بعد شہر کی سڑکوں پر پانی جمع ہونے سے شہریوں کو شدید مشکلات کا سامنا رہا۔ بلدیاتی اداروں کی جانب سے نکاسی آب کے دعوے دھرے کے دھرے رہ گئے جبکہ متعدد علاقوں میں بجلی کی فراہمی بھی معطل رہی۔ شہریوں کا کہنا ہے کہ انتظامیہ نے بروقت اقدامات نہیں کیے جس کے باعث کاروبار زندگی مفلوج ہو کر رہ گیا۔ حکام کا کہنا ہے کہ امدادی کارروائیاں جاری ہیں اور جلد صورتحال معمول پر آ جائے گی۔ اجلاس میں فیصلہ کیا گیا کہ متاثرہ علاقوں میں فوری طور پر امدادی ٹیمیں روانہ کی جائیں گی۔ کراچی میں بارشوں کے بعد شہر کی سڑکوں پر پانی جمع ہونے سے شہریوں کو شدید مشکلات کا سامنا رہا۔ بلدیاتی اداروں کی جانب سے نکاسی آب کے دعوے دھرے کے دھرے رہ گئے جبکہ متعدد علاقوں میں بجلی کی فراہمی بھی معطل رہی۔ شہریوں کا کہنا ہے کہ انتظامیہ نے بروقت اقدامات نہیں کیے جس کے باعث کاروبار زندگی مفلوج ہو کر رہ گیا۔ حکام کا کہنا ہے کہ امدادی کارروائیاں جاری ہیں اور جلد صورتحال معمول پر آ جائے گی۔ اجلاس میں فیصلہ کیا گیا کہ متاثرہ علاقوں میں فوری طور پر امدادی ٹیمیں روانہ کی جائیں گی۔ کراچی میں بارشوں کے بعد شہر کی سڑکوں پر پانی جمع ہونے سے شہریوں کو شدید مشکلات کا سامنا رہا۔ بلدیاتی اداروں کی جانب سے نکاسی آب کے دعوے دھرے کے دھرے رہ گئے جبکہ متعدد علاقوں میں بجلی کی فراہمی بھی معطل رہی۔ شہریوں کا کہنا ہے کہ انتظامیہ نے بروقت اقدامات نہیں کیے جس
کراچی میں بارشوں کے بعد شہر کی سڑکوں پر پانی جمع ہونے سے شہریوں کو شدید مشکلات کا سامنا رہا۔ بلدیاتی اداروں کی جانب سے نکاسی آب کے دعوے دھرے کے دھرے رہ گئے جبکہ متعدد علاقوں میں بجلی کی فراہمی بھی معطل رہی۔ شہریوں کا کہنا ہے کہ انتظامیہ نے بروقت اقدامات نہیں کیے جس کے باعث کاروبار زندگی مفلوج ہو کر رہ گیا۔ حکام کا کہنا ہے کہ امدادی کارروائیاں جاری ہیں اور جلد صورتحال معمول پر آ
نمبر 26
لاپتہ افراد
کراچی میں بارشوں کے بعد شہر کی سڑکوں پر پانی جمع ہونے سے شہریوں کو شدید مشکلات کا سامنا رہا۔ بلدیاتی اداروں کی جانب سے نکاسی آب کے دعوے دھرے کے دھرے رہ گئے جبکہ متعدد علاقوں میں بجلی کی فراہمی بھی معطل رہی۔ شہریوں کا کہنا ہے کہ انتظامیہ نے بروقت اقدامات نہیں کیے جس کے باعث کاروبار زندگی مفلوج ہو کر رہ گیا۔ حکام کا کہنا ہے کہ امدادی کارروائیاں جاری ہیں اور جلد صورتحال معمول پر آ جائے گی۔ اجلاس میں فیصلہ کیا گیا کہ متاثرہ علاقوں میں فوری طور پر امدادی ٹیمیں روانہ کی جائیں گی۔ کراچی میں بارشوں کے بعد شہر کی سڑکوں پر پانی جمع ہونے سے شہریوں کو شدید مشکلات کا سامنا رہا۔ بلدیاتی اداروں کی جانب سے نکاسی آب کے دعوے دھرے کے دھرے رہ گئے جبکہ متعدد علاقوں میں بجلی کی فراہمی بھی معطل رہی۔ شہریوں کا کہنا ہے کہ انتظامیہ نے بروقت اقدامات نہیں کیے جس کے باعث کاروبار زندگی مفلوج ہو کر رہ گیا۔ حکام کا کہنا ہے کہ امدادی کارروائیاں جاری ہیں اور جلد صورتحال معمول پر آ جائے گی۔ اجلاس میں فیصلہ کیا گیا کہ متاثرہ علاقوں میں فوری طور پر امدادی ٹیمیں روانہ کی جائیں گی۔ کراچی میں بارشوں کے بعد شہر کی سڑکوں پر پانی جمع ہونے سے شہریوں کو شدید مشکلات کا سامنا رہا۔ بلدیاتی اداروں کی جانب سے نکاسی آب کے دعوے دھرے کے دھرے رہ گئے جبکہ متعدد علاقوں میں بجلی کی فراہمی بھی معطل رہی۔ شہریوں کا کہنا ہے کہ انتظامیہ نے بروقت اقدامات نہیں کیے جس کے باعث کاروبار زندگی مفلوج ہو کر رہ گیا۔ حکام کا کہنا ہے کہ امدادی کارروائیاں جاری ہیں اور جلد صورتحال معمول پر آ جائے گی۔ اجلاس میں فیصلہ کیا گیا کہ متاثرہ علاقوں میں فوری طور پر امدادی ٹیمیں روانہ کی جائیں گی۔ کراچی میں بارشوں کے بعد شہر کی سڑکوں پر پانی جمع ہونے سے شہریوں کو شدید مشکلات کا سامنا رہا۔ بلدیاتی اداروں کی جانب سے نکاسی آب کے دعوے دھرے کے دھرے رہ گئے جبکہ متعدد علاقوں میں بجلی کی فراہمی بھی معطل رہی۔ شہریوں کا کہنا ہے کہ انتظامیہ نے بروقت اقدامات نہیں کیے جس کے باعث کاروبار زندگی مفلوج ہو کر رہ گیا۔ حکام کا کہنا ہے کہ امدادی کارروائیاں جاری ہیں اور جلد صورتحال معمول پر آ جائے گی۔ اجلاس میں فیصلہ کیا گیا کہ متاثرہ علاقوں میں فوری طور پر امدادی ٹیمیں روانہ کی جائیں گی۔ کراچی میں بارشوں کے بعد شہر کی سڑکوں پر پانی جمع ہونے سے شہریوں کو شدید مشکلات کا سامنا رہا۔ بلدیاتی اداروں کی جانب سے نکاسی آب کے دعوے دھرے کے دھرے رہ گئے جبکہ متعدد علاقوں میں بجلی کی فراہمی بھی معطل رہی۔ شہریوں کا کہنا ہے کہ انتظامیہ نے بروقت اقدامات نہیں کیے جس کے باعث کاروبار زندگی مفلوج ہو کر رہ گیا۔ حکام کا کہنا ہے کہ امدادی کارروائیاں جاری ہیں اور جلد صورتحال معمول پر آ جائے گی۔ اجلاس میں فیصلہ کیا گیا کہ متاثرہ علاقوں میں فوری طور پر امدادی ٹیمیں روانہ کی جائیں گی۔ کراچی میں بارشوں کے بعد شہر کی سڑکوں پر پانی جمع ہونے سے شہریوں کو شدید مشکلات کا سامنا رہا۔ بلدیاتی اداروں کی جانب سے نکاسی آب کے دعوے دھرے کے دھرے رہ گئے جبکہ متعدد علاقوں میں بجلی کی فراہمی بھی معطل رہی۔ شہریوں کا کہنا ہے کہ انتظامیہ نے بروقت اقدامات نہیں کیے جس کے باعث کاروبار زندگی مفلوج ہو کر رہ گیا۔ حکام کا کہنا ہے کہ امدادی کارروائیاں جاری ہیں اور جلد صورتحال معمول پر آ جائے گی۔ اجلاس میں فیصلہ کیا گیا کہ متاثرہ علاقوں میں فوری طور پر امدادی ٹیمیں روانہ کی جائیں گی۔ کراچی میں بارشوں کے بعد شہر کی سڑکوں پر پانی جمع ہونے سے شہریوں کو شدید مشکلات کا سامنا رہا۔ بلدیاتی اداروں کی جانب سے نکاسی آب کے دعوے دھرے کے دھرے رہ گئے جبکہ متعدد علاقوں میں بجلی کی فراہمی بھی معطل رہی۔ شہریوں کا کہنا ہے کہ انتظامیہ نے بروقت اقدامات نہیں کیے جس کے باعث کاروبار زندگی مفلوج ہو کر رہ گیا۔ حکام کا کہنا ہے کہ امدادی کارروائیاں جاری ہیں اور جلد صورتحال معمول پر آ جائے گی۔ اجلاس میں فیصلہ کیا گیا کہ متاثرہ علاقوں میں فوری طور پر امدادی ٹیمیں روانہ کی جائیں گی۔ کراچی میں بارشوں کے بعد شہر کی سڑکوں پر پانی جمع ہونے سے شہریوں کو شدید مشکلات کا سامنا رہا۔ بلدیاتی اداروں کی جانب سے نکاسی آب کے دعوے دھرے کے دھرے رہ گئے جبکہ متعدد علاقوں میں بجلی کی فراہمی بھی معطل رہی۔ شہریوں کا کہنا ہے کہ انتظامیہ نے بروقت اقدامات نہی
نمبر 27
صحت
کراچی میں بارشوں کے بعد شہر کی سڑکوں پر پانی جمع ہونے سے شہریوں کو شدید مشکلات کا سامنا رہا۔ بلدیاتی اداروں کی جانب سے نکاسی آب کے دعوے دھرے کے دھرے رہ گئے جبکہ متعدد علاقوں میں بجلی کی فراہمی بھی معطل رہی۔ شہریوں کا کہنا ہے کہ انتظامیہ نے بروقت اقدامات نہیں کیے جس کے باعث کاروبار زندگی مفلوج ہو کر رہ گیا۔ حکام کا کہنا ہے کہ امدادی کارروائیاں جاری ہیں اور جلد صورتحال معمول پر آ جائے گی۔ اجلاس میں فیصلہ کیا گیا کہ متاثرہ علاقوں میں فوری طور پر امدادی ٹیمیں روانہ کی جائیں گی۔ کراچی میں بارشوں کے بعد شہر کی سڑکوں پر پانی جمع ہونے سے شہریوں کو شدید مشکلات کا سامنا رہا۔ بلدیاتی اداروں کی جانب سے نکاسی آب کے دعوے دھرے کے دھرے رہ گئے جبکہ متعدد علاقوں میں بجلی کی فراہمی بھی معطل رہی۔ شہریوں کا کہنا ہے کہ انتظامیہ نے بروقت اقدامات نہیں کیے جس کے باعث کاروبار زندگی مفلوج ہو کر رہ گیا۔ حکام کا کہنا ہے کہ امدادی کارروائیاں جاری ہیں اور جلد صورتحال معمول پر آ جائے گی۔ اجلاس میں فیصلہ کیا گیا کہ متاثرہ علاقوں میں فوری طور پر امدادی ٹیمیں روانہ کی جائیں گی۔ کراچی میں بارشوں کے بعد شہر کی سڑکوں پر پانی جمع ہونے سے شہریوں کو شدید مشکلات کا سامنا رہا۔ بلدیاتی اداروں کی جانب سے نکاسی آب کے دعوے دھرے کے دھرے رہ گئے جبکہ متعدد علاقوں میں بجلی کی فراہمی بھی معطل رہی۔ شہریوں کا کہنا ہے کہ انتظامیہ نے بروقت اقدامات نہیں کیے جس کے باعث کاروبار زندگی مفلوج ہو کر رہ گیا۔ حکام کا کہنا ہے کہ امدادی کارروائیاں جاری ہیں اور جلد صورتحال معمول پر آ جائے گی۔ اجلاس میں فیصلہ کیا گیا کہ متاثرہ علاقوں میں فوری طور پر امدادی ٹیمیں روانہ کی جائیں گی۔ کراچی میں بارشوں کے بعد شہر کی سڑکوں پر پانی جمع ہونے سے شہریوں کو شدید مشکلات کا س
